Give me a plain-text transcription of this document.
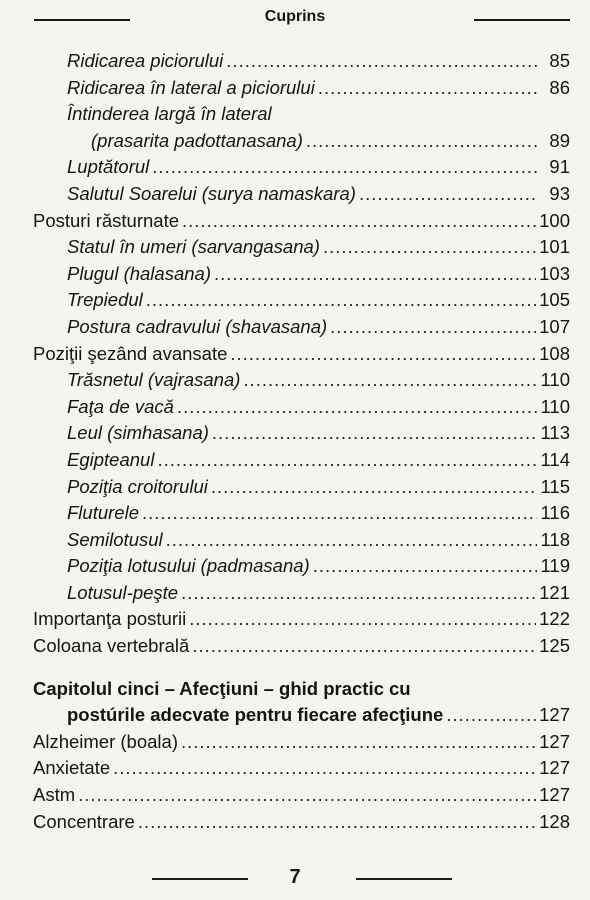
Cuprins
Ridicarea piciorului .....	85
Ridicarea în lateral a piciorului .....	86
Întinderea largă în lateral
(prasarita padottanasana) .....	89
Luptătorul .....	91
Salutul Soarelui (surya namaskara) .....	93
Posturi răsturnate .....	100
Statul în umeri (sarvangasana) .....	101
Plugul (halasana) .....	103
Trepiedul .....	105
Postura cadravului (shavasana) .....	107
Poziţii şezând avansate .....	108
Trăsnetul (vajrasana) .....	110
Faţa de vacă .....	110
Leul (simhasana) .....	113
Egipteanul .....	114
Poziţia croitorului .....	115
Fluturele .....	116
Semilotusul .....	118
Poziţia lotusului (padmasana) .....	119
Lotusul-peşte .....	121
Importanţa posturii .....	122
Coloana vertebrală .....	125
Capitolul cinci – Afecţiuni – ghid practic cu
postúrile adecvate pentru fiecare afecţiune .....	127
Alzheimer (boala) .....	127
Anxietate .....	127
Astm .....	127
Concentrare .....	128
7
